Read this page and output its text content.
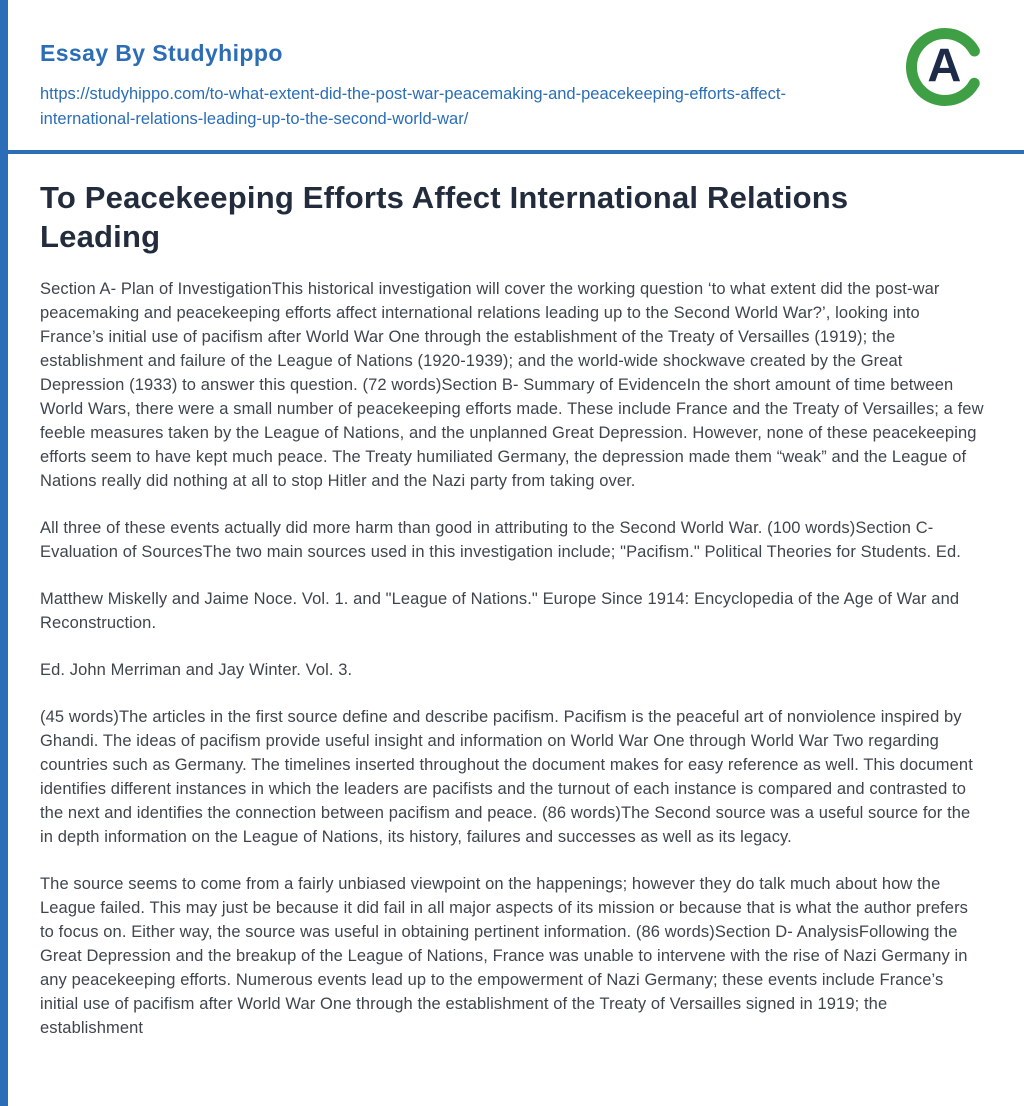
Essay By Studyhippo
https://studyhippo.com/to-what-extent-did-the-post-war-peacemaking-and-peacekeeping-efforts-affect-international-relations-leading-up-to-the-second-world-war/
A
To Peacekeeping Efforts Affect International Relations Leading

Section A- Plan of InvestigationThis historical investigation will cover the working question ‘to what extent did the post-war peacemaking and peacekeeping efforts affect international relations leading up to the Second World War?’, looking into France’s initial use of pacifism after World War One through the establishment of the Treaty of Versailles (1919); the establishment and failure of the League of Nations (1920-1939); and the world-wide shockwave created by the Great Depression (1933) to answer this question. (72 words)Section B- Summary of EvidenceIn the short amount of time between World Wars, there were a small number of peacekeeping efforts made. These include France and the Treaty of Versailles; a few feeble measures taken by the League of Nations, and the unplanned Great Depression. However, none of these peacekeeping efforts seem to have kept much peace. The Treaty humiliated Germany, the depression made them “weak” and the League of Nations really did nothing at all to stop Hitler and the Nazi party from taking over.

All three of these events actually did more harm than good in attributing to the Second World War. (100 words)Section C- Evaluation of SourcesThe two main sources used in this investigation include; "Pacifism." Political Theories for Students. Ed.

Matthew Miskelly and Jaime Noce. Vol. 1. and "League of Nations." Europe Since 1914: Encyclopedia of the Age of War and Reconstruction.

Ed. John Merriman and Jay Winter. Vol. 3.

(45 words)The articles in the first source define and describe pacifism. Pacifism is the peaceful art of nonviolence inspired by Ghandi. The ideas of pacifism provide useful insight and information on World War One through World War Two regarding countries such as Germany. The timelines inserted throughout the document makes for easy reference as well. This document identifies different instances in which the leaders are pacifists and the turnout of each instance is compared and contrasted to the next and identifies the connection between pacifism and peace. (86 words)The Second source was a useful source for the in depth information on the League of Nations, its history, failures and successes as well as its legacy.

The source seems to come from a fairly unbiased viewpoint on the happenings; however they do talk much about how the League failed. This may just be because it did fail in all major aspects of its mission or because that is what the author prefers to focus on. Either way, the source was useful in obtaining pertinent information. (86 words)Section D- AnalysisFollowing the Great Depression and the breakup of the League of Nations, France was unable to intervene with the rise of Nazi Germany in any peacekeeping efforts. Numerous events lead up to the empowerment of Nazi Germany; these events include France’s initial use of pacifism after World War One through the establishment of the Treaty of Versailles signed in 1919; the establishment
